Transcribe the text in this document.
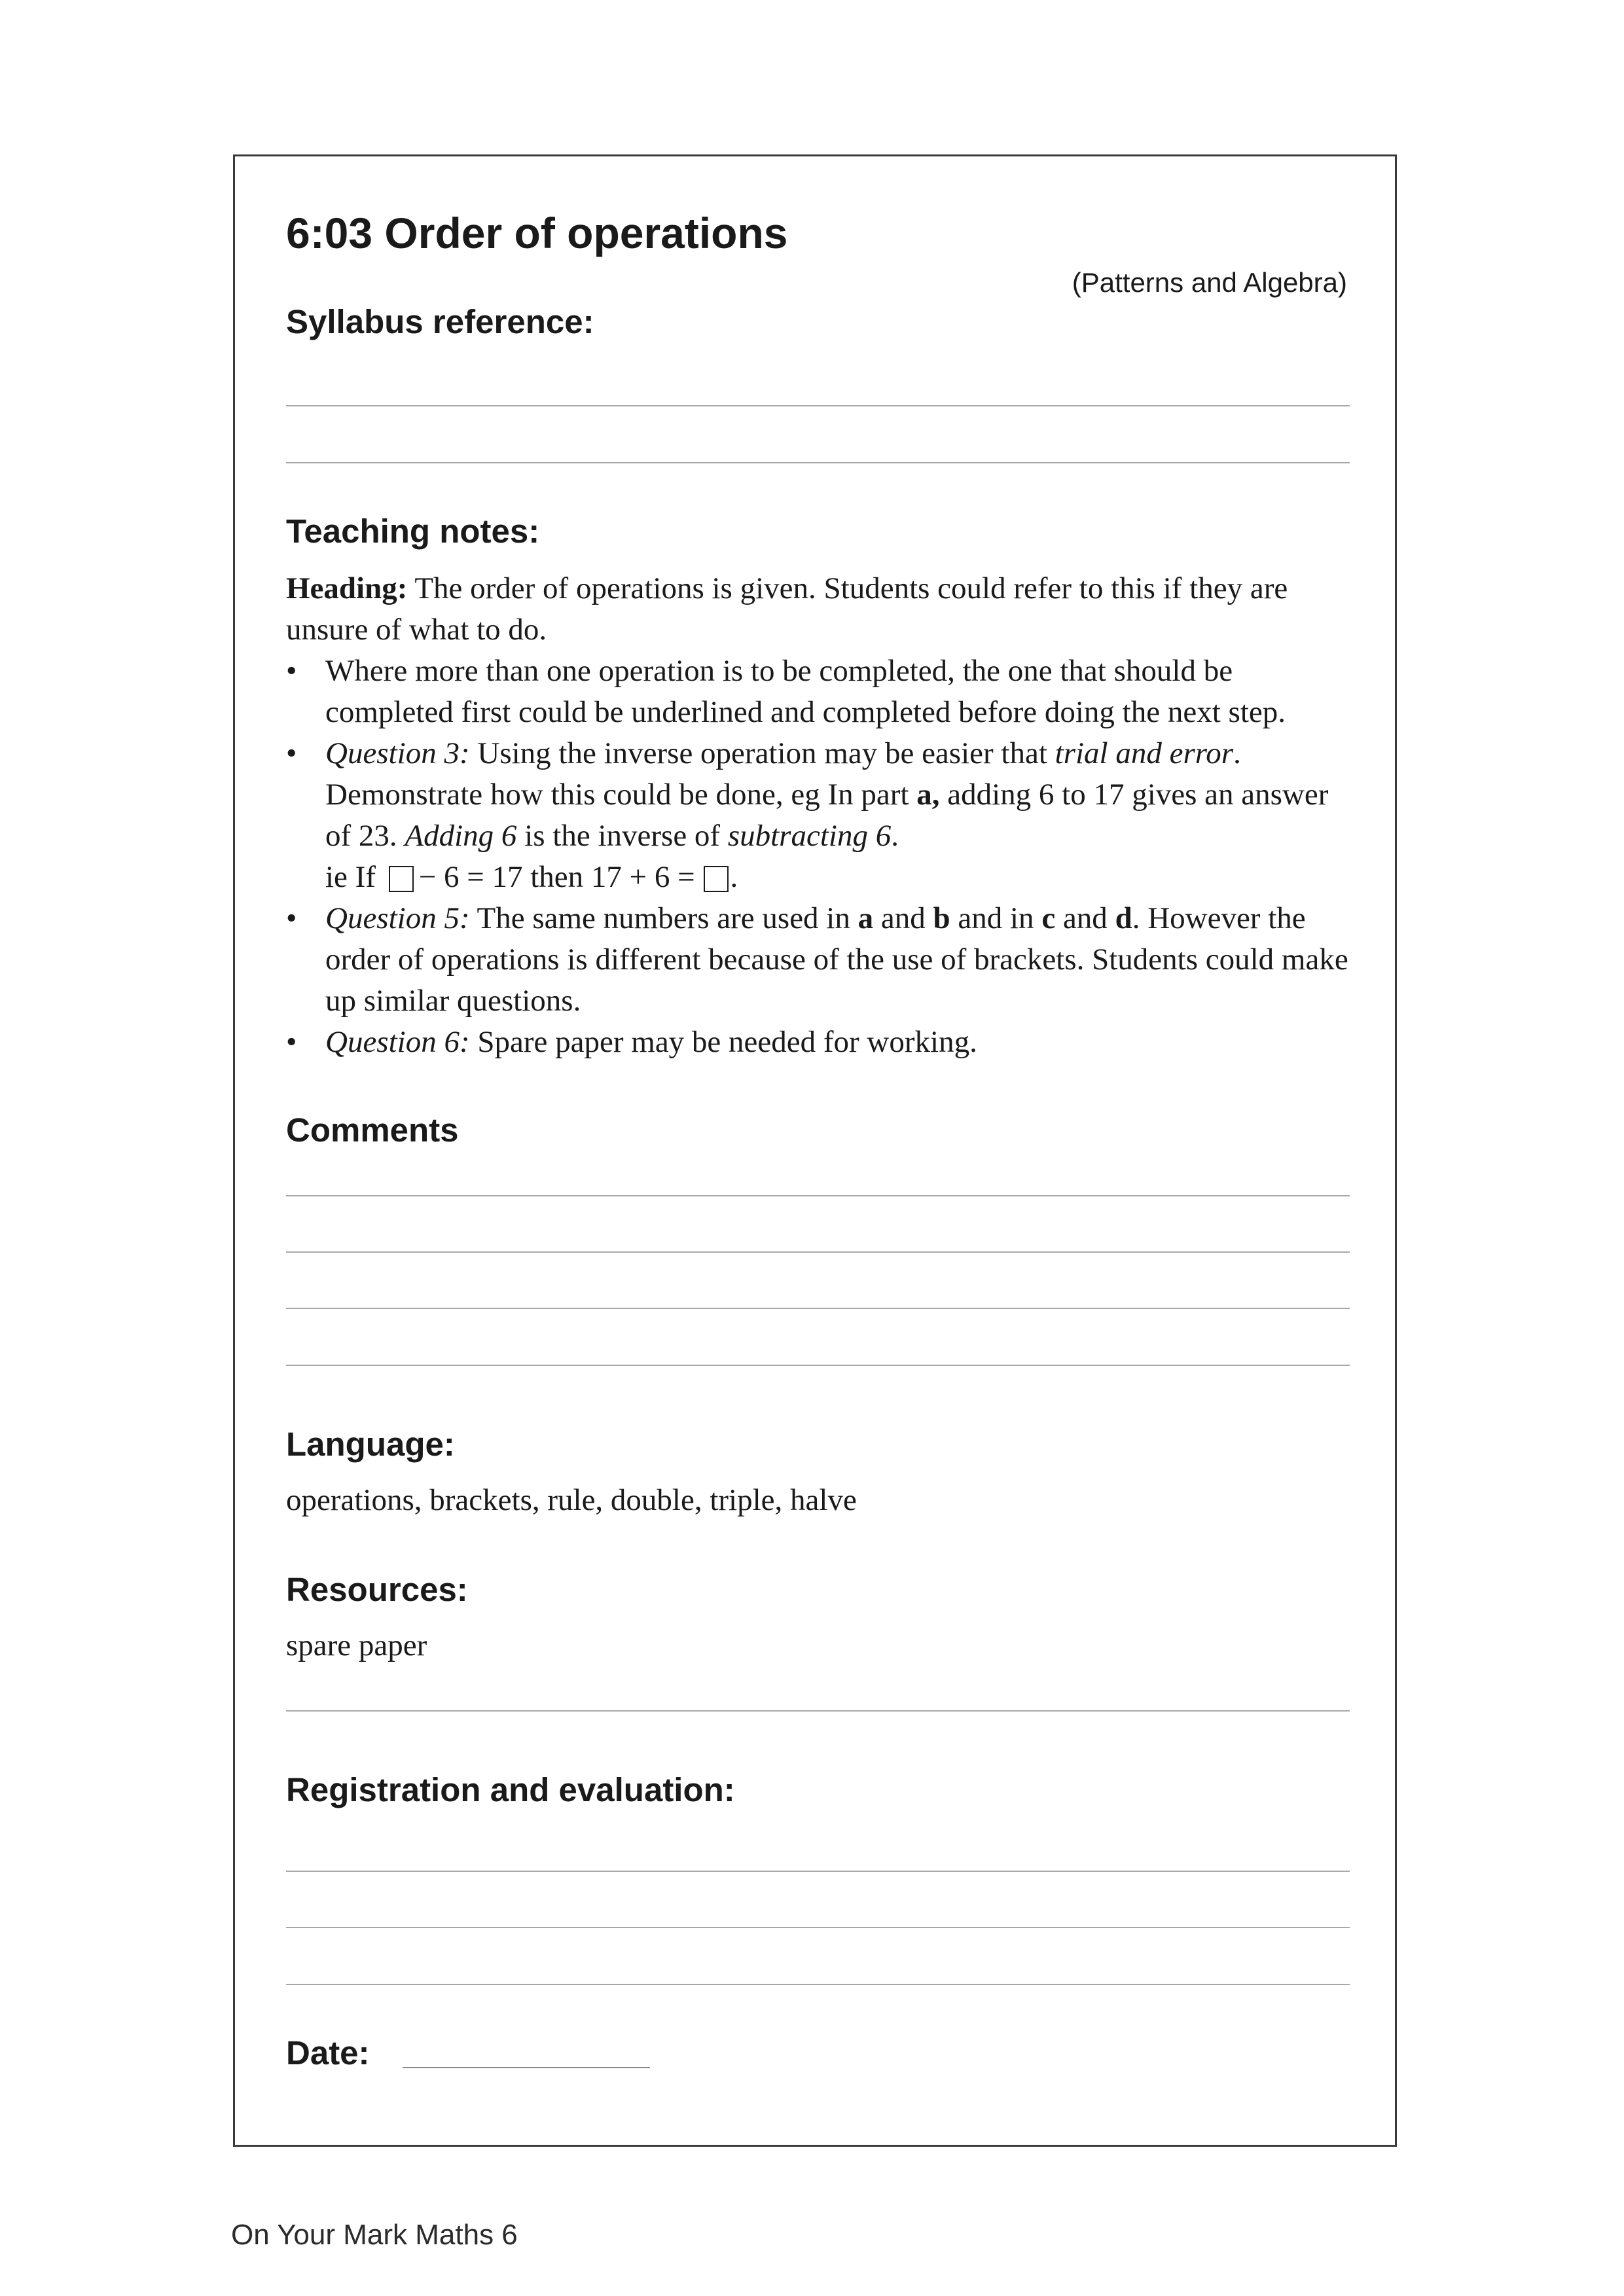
6:03 Order of operations
(Patterns and Algebra)
Syllabus reference:
Teaching notes:

Heading: The order of operations is given. Students could refer to this if they are unsure of what to do.

• Where more than one operation is to be completed, the one that should be completed first could be underlined and completed before doing the next step.
• Question 3: Using the inverse operation may be easier that trial and error. Demonstrate how this could be done, eg In part a, adding 6 to 17 gives an answer of 23. Adding 6 is the inverse of subtracting 6.
ie If − 6 = 17 then 17 + 6 = .
• Question 5: The same numbers are used in a and b and in c and d. However the order of operations is different because of the use of brackets. Students could make up similar questions.
• Question 6: Spare paper may be needed for working.
Comments
Language:
operations, brackets, rule, double, triple, halve
Resources:
spare paper
Registration and evaluation:
Date:
On Your Mark Maths 6
